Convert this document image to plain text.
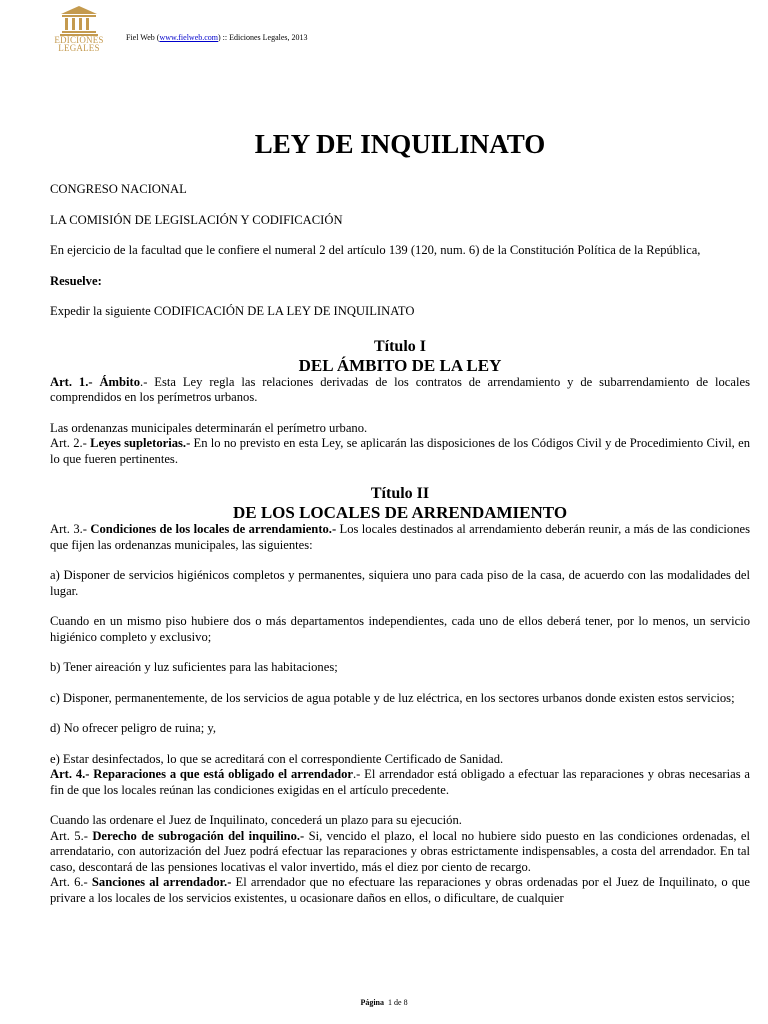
EDICIONES
LEGALES
Fiel Web (www.fielweb.com) :: Ediciones Legales, 2013
LEY DE INQUILINATO

CONGRESO NACIONAL

LA COMISIÓN DE LEGISLACIÓN Y CODIFICACIÓN

En ejercicio de la facultad que le confiere el numeral 2 del artículo 139 (120, num. 6) de la Constitución Política de la República,

Resuelve:

Expedir la siguiente CODIFICACIÓN DE LA LEY DE INQUILINATO

Título I

DEL ÁMBITO DE LA LEY

Art. 1.- Ámbito.- Esta Ley regla las relaciones derivadas de los contratos de arrendamiento y de subarrendamiento de locales comprendidos en los perímetros urbanos.

Las ordenanzas municipales determinarán el perímetro urbano.

Art. 2.- Leyes supletorias.- En lo no previsto en esta Ley, se aplicarán las disposiciones de los Códigos Civil y de Procedimiento Civil, en lo que fueren pertinentes.

Título II

DE LOS LOCALES DE ARRENDAMIENTO

Art. 3.- Condiciones de los locales de arrendamiento.- Los locales destinados al arrendamiento deberán reunir, a más de las condiciones que fijen las ordenanzas municipales, las siguientes:

a) Disponer de servicios higiénicos completos y permanentes, siquiera uno para cada piso de la casa, de acuerdo con las modalidades del lugar.

Cuando en un mismo piso hubiere dos o más departamentos independientes, cada uno de ellos deberá tener, por lo menos, un servicio higiénico completo y exclusivo;

b) Tener aireación y luz suficientes para las habitaciones;

c) Disponer, permanentemente, de los servicios de agua potable y de luz eléctrica, en los sectores urbanos donde existen estos servicios;

d) No ofrecer peligro de ruina; y,

e) Estar desinfectados, lo que se acreditará con el correspondiente Certificado de Sanidad.

Art. 4.- Reparaciones a que está obligado el arrendador.- El arrendador está obligado a efectuar las reparaciones y obras necesarias a fin de que los locales reúnan las condiciones exigidas en el artículo precedente.

Cuando las ordenare el Juez de Inquilinato, concederá un plazo para su ejecución.

Art. 5.- Derecho de subrogación del inquilino.- Si, vencido el plazo, el local no hubiere sido puesto en las condiciones ordenadas, el arrendatario, con autorización del Juez podrá efectuar las reparaciones y obras estrictamente indispensables, a costa del arrendador. En tal caso, descontará de las pensiones locativas el valor invertido, más el diez por ciento de recargo.

Art. 6.- Sanciones al arrendador.- El arrendador que no efectuare las reparaciones y obras ordenadas por el Juez de Inquilinato, o que privare a los locales de los servicios existentes, u ocasionare daños en ellos, o dificultare, de cualquier

Página 1 de 8
